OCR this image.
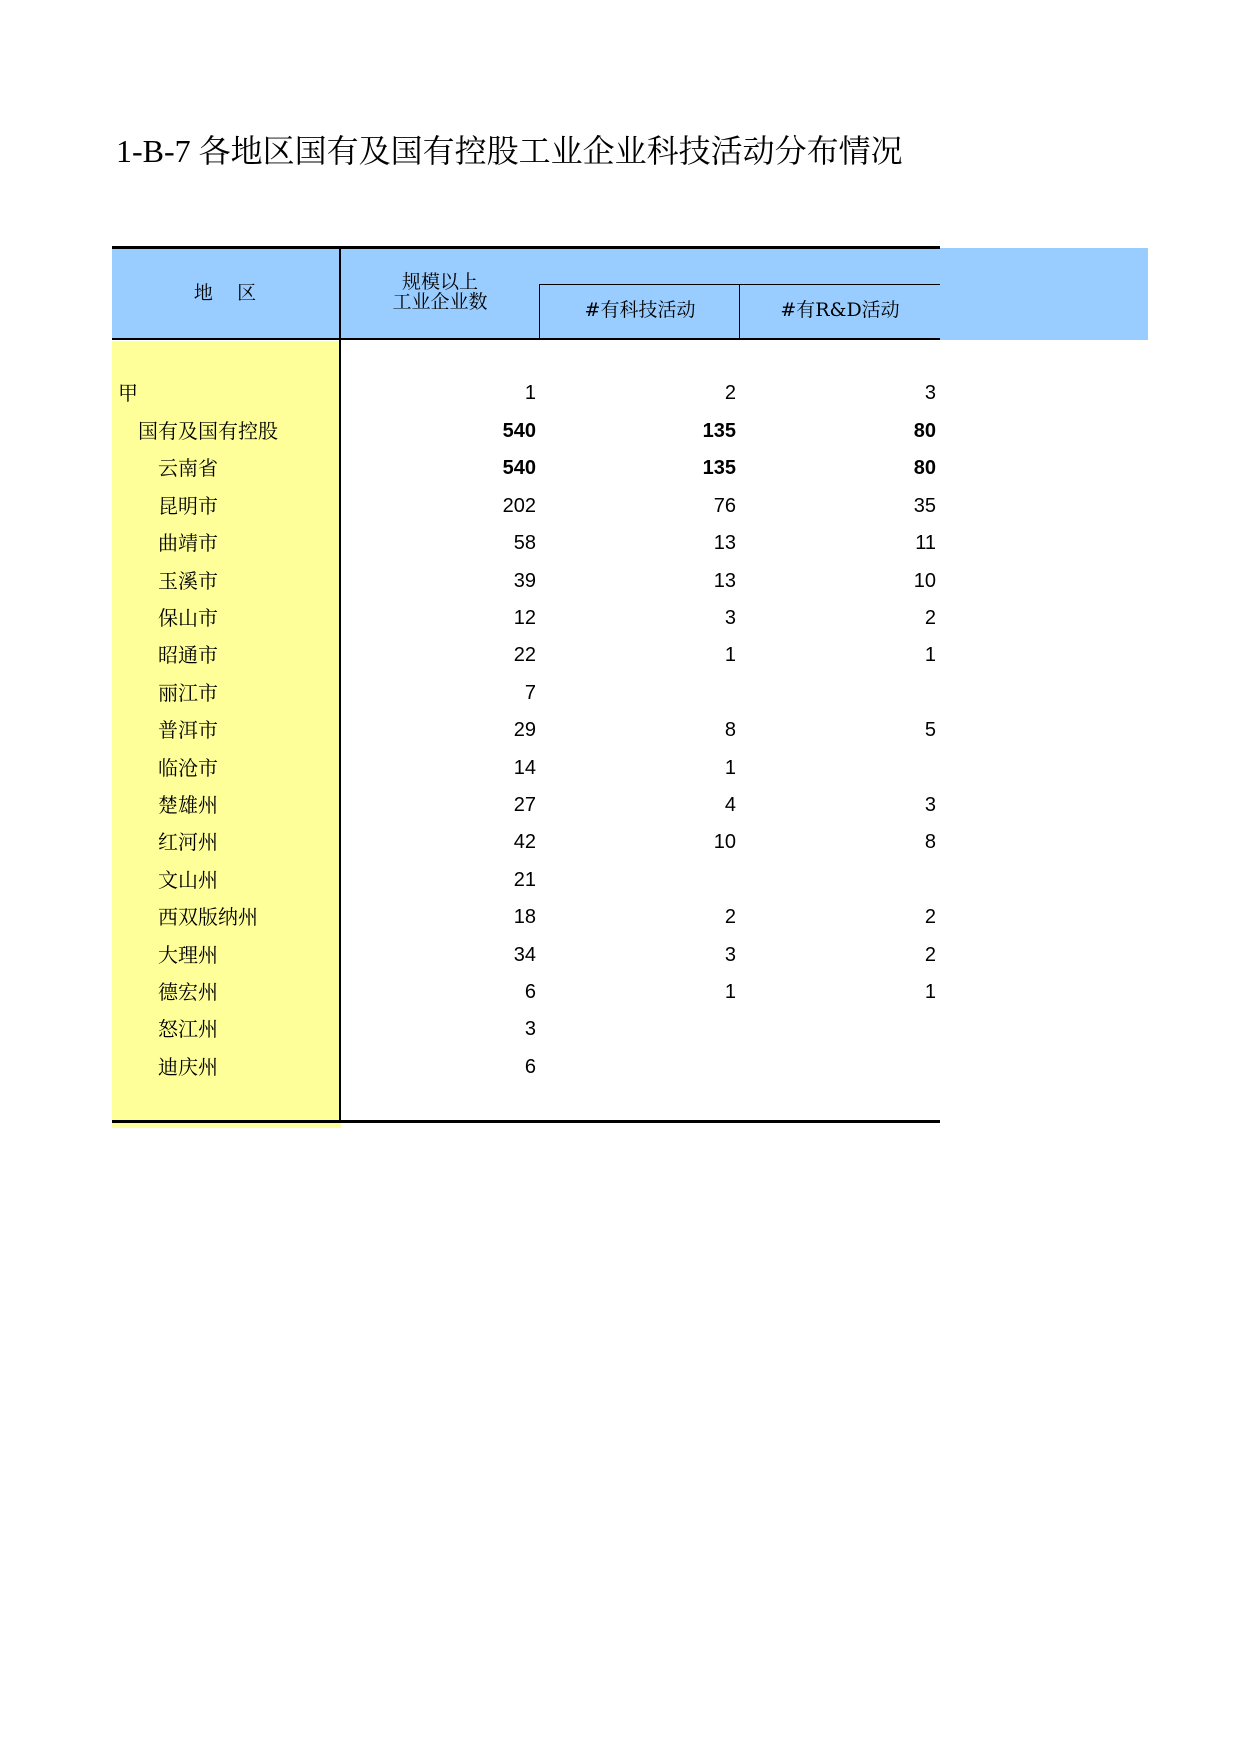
1-B-7 各地区国有及国有控股工业企业科技活动分布情况
地    区	规模以上
工业企业数	#有科技活动	#有R&D活动
甲	1	2	3
国有及国有控股	540	135	80
云南省	540	135	80
昆明市	202	76	35
曲靖市	58	13	11
玉溪市	39	13	10
保山市	12	3	2
昭通市	22	1	1
丽江市	7
普洱市	29	8	5
临沧市	14	1
楚雄州	27	4	3
红河州	42	10	8
文山州	21
西双版纳州	18	2	2
大理州	34	3	2
德宏州	6	1	1
怒江州	3
迪庆州	6
